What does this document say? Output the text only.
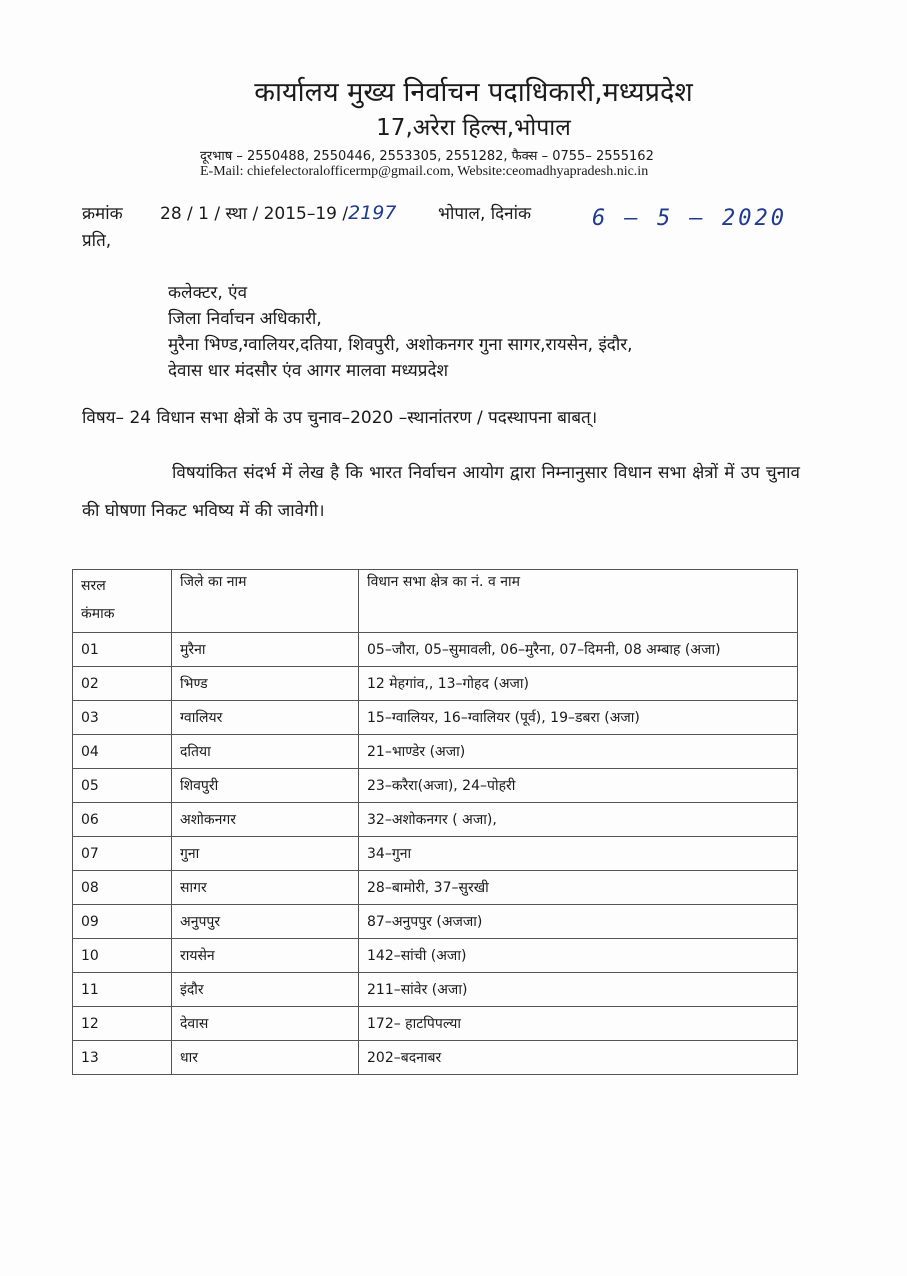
कार्यालय मुख्य निर्वाचन पदाधिकारी,मध्यप्रदेश
17,अरेरा हिल्स,भोपाल
दूरभाष – 2550488, 2550446, 2553305, 2551282, फैक्स – 0755– 2555162
E-Mail: chiefelectoralofficermp@gmail.com, Website:ceomadhyapradesh.nic.in
क्रमांक 28 / 1 / स्था / 2015–19 /2197 भोपाल, दिनांक	6 – 5 – 2020
प्रति,
कलेक्टर, एंव
जिला निर्वाचन अधिकारी,
मुरैना भिण्ड,ग्वालियर,दतिया, शिवपुरी, अशोकनगर गुना सागर,रायसेन, इंदौर,
देवास धार मंदसौर एंव आगर मालवा मध्यप्रदेश
विषय– 24 विधान सभा क्षेत्रों के उप चुनाव–2020 –स्थानांतरण / पदस्थापना बाबत्।
विषयांकित संदर्भ में लेख है कि भारत निर्वाचन आयोग द्वारा निम्नानुसार विधान सभा क्षेत्रों में उप चुनाव की घोषणा निकट भविष्य में की जावेगी।
सरल
कंमाक	जिले का नाम	विधान सभा क्षेत्र का नं. व नाम
01	मुरैना	05–जौरा, 05–सुमावली, 06–मुरैना, 07–दिमनी, 08 अम्बाह (अजा)
02	भिण्ड	12 मेहगांव,, 13–गोहद (अजा)
03	ग्वालियर	15–ग्वालियर, 16–ग्वालियर (पूर्व), 19–डबरा (अजा)
04	दतिया	21–भाण्डेर (अजा)
05	शिवपुरी	23–करैरा(अजा), 24–पोहरी
06	अशोकनगर	32–अशोकनगर ( अजा),
07	गुना	34–गुना
08	सागर	28–बामोरी, 37–सुरखी
09	अनुपपुर	87–अनुपपुर (अजजा)
10	रायसेन	142–सांची (अजा)
11	इंदौर	211–सांवेर (अजा)
12	देवास	172– हाटपिपल्या
13	धार	202–बदनाबर
